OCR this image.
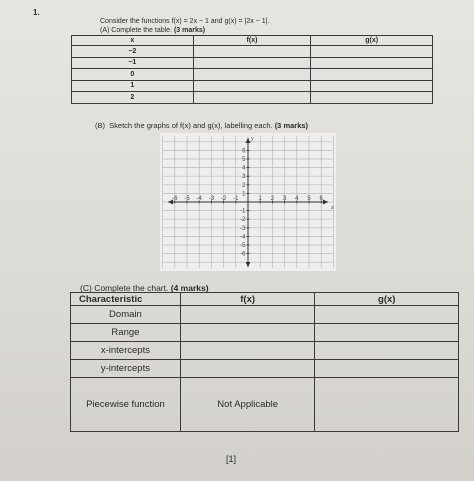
1.
Consider the functions f(x) = 2x − 1 and g(x) = |2x − 1|.
(A) Complete the table. (3 marks)
x	f(x)	g(x)
−2		
−1		
0		
1		
2		
(B) Sketch the graphs of f(x) and g(x), labelling each. (3 marks)
-6 -5 -4 -3 -2 -1	1 2 3 4 5 6
6
5
4
3
2
1
-1
-2
-3
-4
-5
-6
x
y
(C) Complete the chart. (4 marks)
Characteristic	f(x)	g(x)
Domain		
Range		
x-intercepts		
y-intercepts		
Piecewise function	Not Applicable	
[1]
